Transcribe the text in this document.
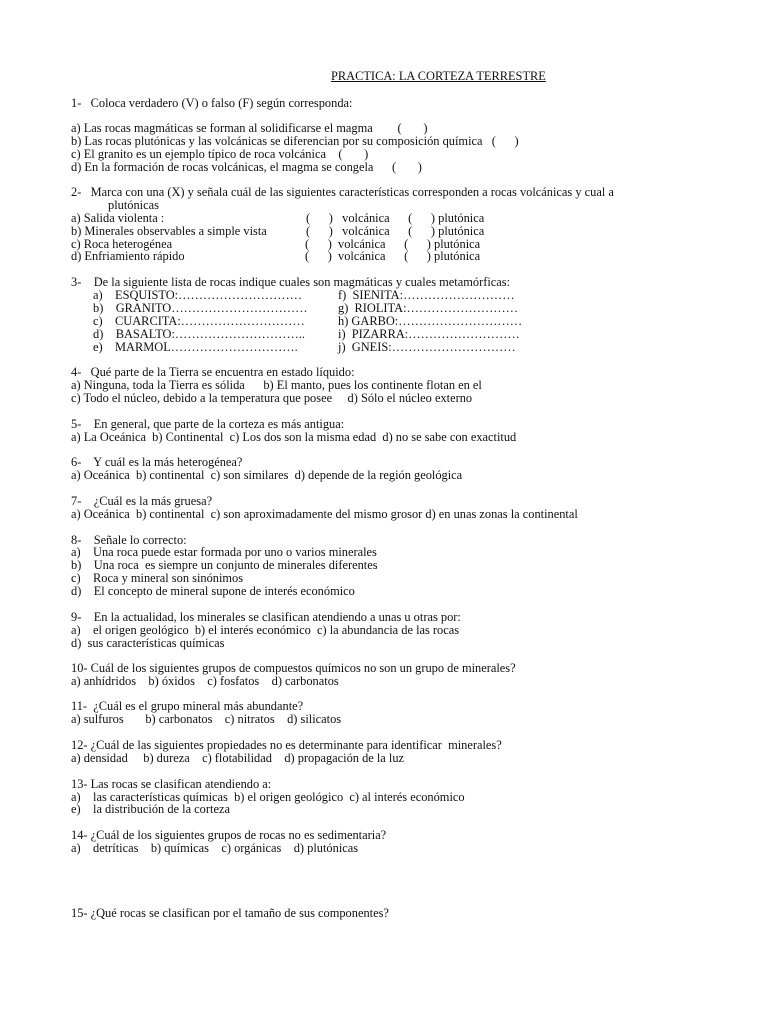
PRACTICA: LA CORTEZA TERRESTRE
1-   Coloca verdadero (V) o falso (F) según corresponda:
a) Las rocas magmáticas se forman al solidificarse el magma        (       )
b) Las rocas plutónicas y las volcánicas se diferencian por su composición química   (      )
c) El granito es un ejemplo típico de roca volcánica    (       )
d) En la formación de rocas volcánicas, el magma se congela      (       )
2-   Marca con una (X) y señala cuál de las siguientes características corresponden a rocas volcánicas y cual a
plutónicas
a) Salida violenta :	(      )   volcánica      (      ) plutónica
b) Minerales observables a simple vista	(      )   volcánica      (      ) plutónica
c) Roca heterogénea	(      )  volcánica      (      ) plutónica
d) Enfriamiento rápido	(      )  volcánica      (      ) plutónica
3-    De la siguiente lista de rocas indique cuales son magmáticas y cuales metamórficas:
a)    ESQUISTO:…………………………
b)    GRANITO……………………………
c)    CUARCITA:…………………………
d)    BASALTO:…………………………..
e)    MARMOL………………………….
f)  SIENITA:………………………
g)  RIOLITA:………………………
h) GARBO:…………………………
i)  PIZARRA:………………………
j)  GNEIS:…………………………
4-   Qué parte de la Tierra se encuentra en estado líquido:
a) Ninguna, toda la Tierra es sólida      b) El manto, pues los continente flotan en el
c) Todo el núcleo, debido a la temperatura que posee     d) Sólo el núcleo externo
5-    En general, que parte de la corteza es más antigua:
a) La Oceánica  b) Continental  c) Los dos son la misma edad  d) no se sabe con exactitud
6-    Y cuál es la más heterogénea?
a) Oceánica  b) continental  c) son similares  d) depende de la región geológica
7-    ¿Cuál es la más gruesa?
a) Oceánica  b) continental  c) son aproximadamente del mismo grosor d) en unas zonas la continental
8-    Señale lo correcto:
a)    Una roca puede estar formada por uno o varios minerales
b)    Una roca  es siempre un conjunto de minerales diferentes
c)    Roca y mineral son sinónimos
d)    El concepto de mineral supone de interés económico
9-    En la actualidad, los minerales se clasifican atendiendo a unas u otras por:
a)    el origen geológico  b) el interés económico  c) la abundancia de las rocas
d)  sus características químicas
10- Cuál de los siguientes grupos de compuestos químicos no son un grupo de minerales?
a) anhídridos    b) óxidos    c) fosfatos    d) carbonatos
11-  ¿Cuál es el grupo mineral más abundante?
a) sulfuros       b) carbonatos    c) nitratos    d) silicatos
12- ¿Cuál de las siguientes propiedades no es determinante para identificar  minerales?
a) densidad     b) dureza    c) flotabilidad    d) propagación de la luz
13- Las rocas se clasifican atendiendo a:
a)    las características químicas  b) el origen geológico  c) al interés económico
e)    la distribución de la corteza
14- ¿Cuál de los siguientes grupos de rocas no es sedimentaria?
a)    detríticas    b) químicas    c) orgánicas    d) plutónicas
15- ¿Qué rocas se clasifican por el tamaño de sus componentes?
